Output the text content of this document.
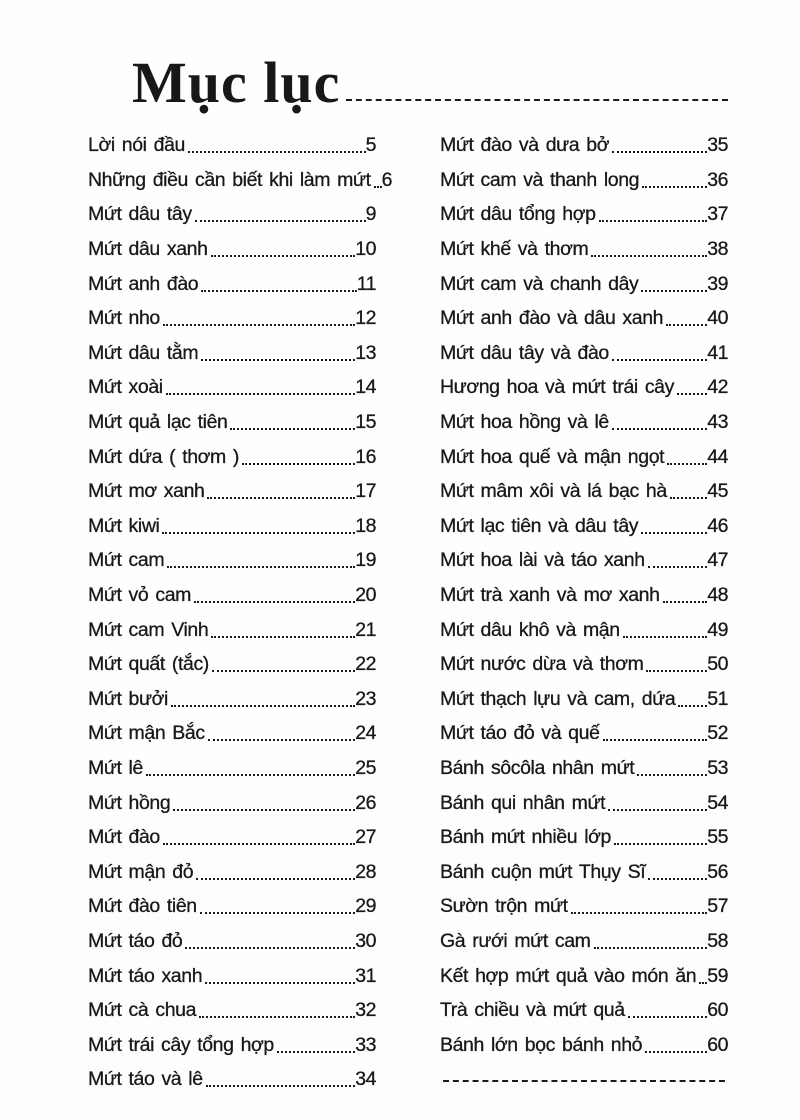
Mục lục
Lời nói đầu	5
Những điều cần biết khi làm mứt 6
Mứt dâu tây	9
Mứt dâu xanh	10
Mứt anh đào	11
Mứt nho	12
Mứt dâu tằm	13
Mứt xoài	14
Mứt quả lạc tiên	15
Mứt dứa ( thơm )	16
Mứt mơ xanh	17
Mứt kiwi	18
Mứt cam	19
Mứt vỏ cam	20
Mứt cam Vinh	21
Mứt quất (tắc)	22
Mứt bưởi	23
Mứt mận Bắc	24
Mứt lê	25
Mứt hồng	26
Mứt đào	27
Mứt mận đỏ	28
Mứt đào tiên	29
Mứt táo đỏ	30
Mứt táo xanh	31
Mứt cà chua	32
Mứt trái cây tổng hợp	33
Mứt táo và lê	34
Mứt đào và dưa bở	35
Mứt cam và thanh long	36
Mứt dâu tổng hợp	37
Mứt khế và thơm	38
Mứt cam và chanh dây	39
Mứt anh đào và dâu xanh 40
Mứt dâu tây và đào	41
Hương hoa và mứt trái cây 42
Mứt hoa hồng và lê	43
Mứt hoa quế và mận ngọt 44
Mứt mâm xôi và lá bạc hà 45
Mứt lạc tiên và dâu tây	46
Mứt hoa lài và táo xanh	47
Mứt trà xanh và mơ xanh 48
Mứt dâu khô và mận	49
Mứt nước dừa và thơm	50
Mứt thạch lựu và cam, dứa 51
Mứt táo đỏ và quế	52
Bánh sôcôla nhân mứt	53
Bánh qui nhân mứt	54
Bánh mứt nhiều lớp	55
Bánh cuộn mứt Thụy Sĩ	56
Sườn trộn mứt	57
Gà rưới mứt cam	58
Kết hợp mứt quả vào món ăn 59
Trà chiều và mứt quả	60
Bánh lớn bọc bánh nhỏ	60
